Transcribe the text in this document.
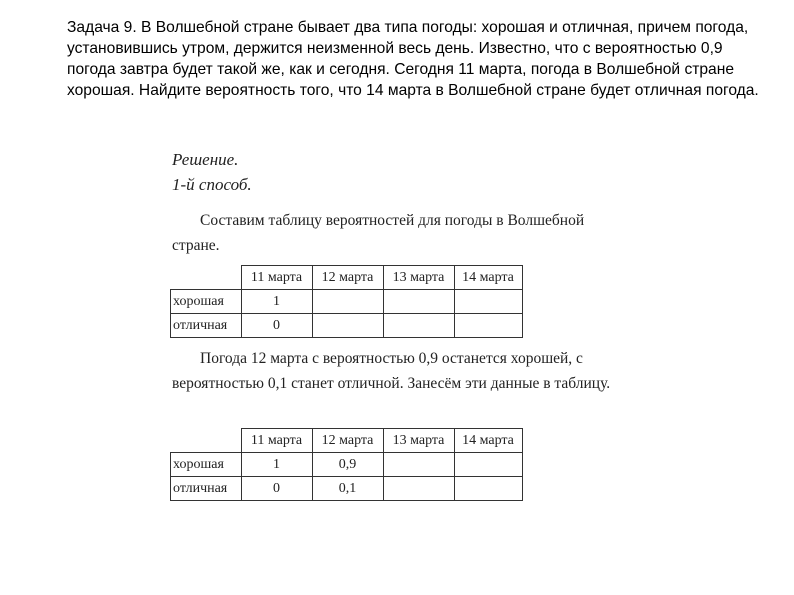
Задача 9. В Волшебной стране бывает два типа погоды: хорошая и отличная, причем погода, установившись утром, держится неизменной весь день. Известно, что с вероятностью 0,9 погода завтра будет такой же, как и сегодня. Сегодня 11 марта, погода в Волшебной стране хорошая. Найдите вероятность того, что 14 марта в Волшебной стране будет отличная погода.

Решение.

1-й способ.

Составим таблицу вероятностей для погоды в Волшебной стране.

	11 марта	12 марта	13 марта	14 марта
хорошая	1			
отличная	0			

Погода 12 марта с вероятностью 0,9 останется хорошей, с вероятностью 0,1 станет отличной. Занесём эти данные в таблицу.

	11 марта	12 марта	13 марта	14 марта
хорошая	1	0,9		
отличная	0	0,1		
